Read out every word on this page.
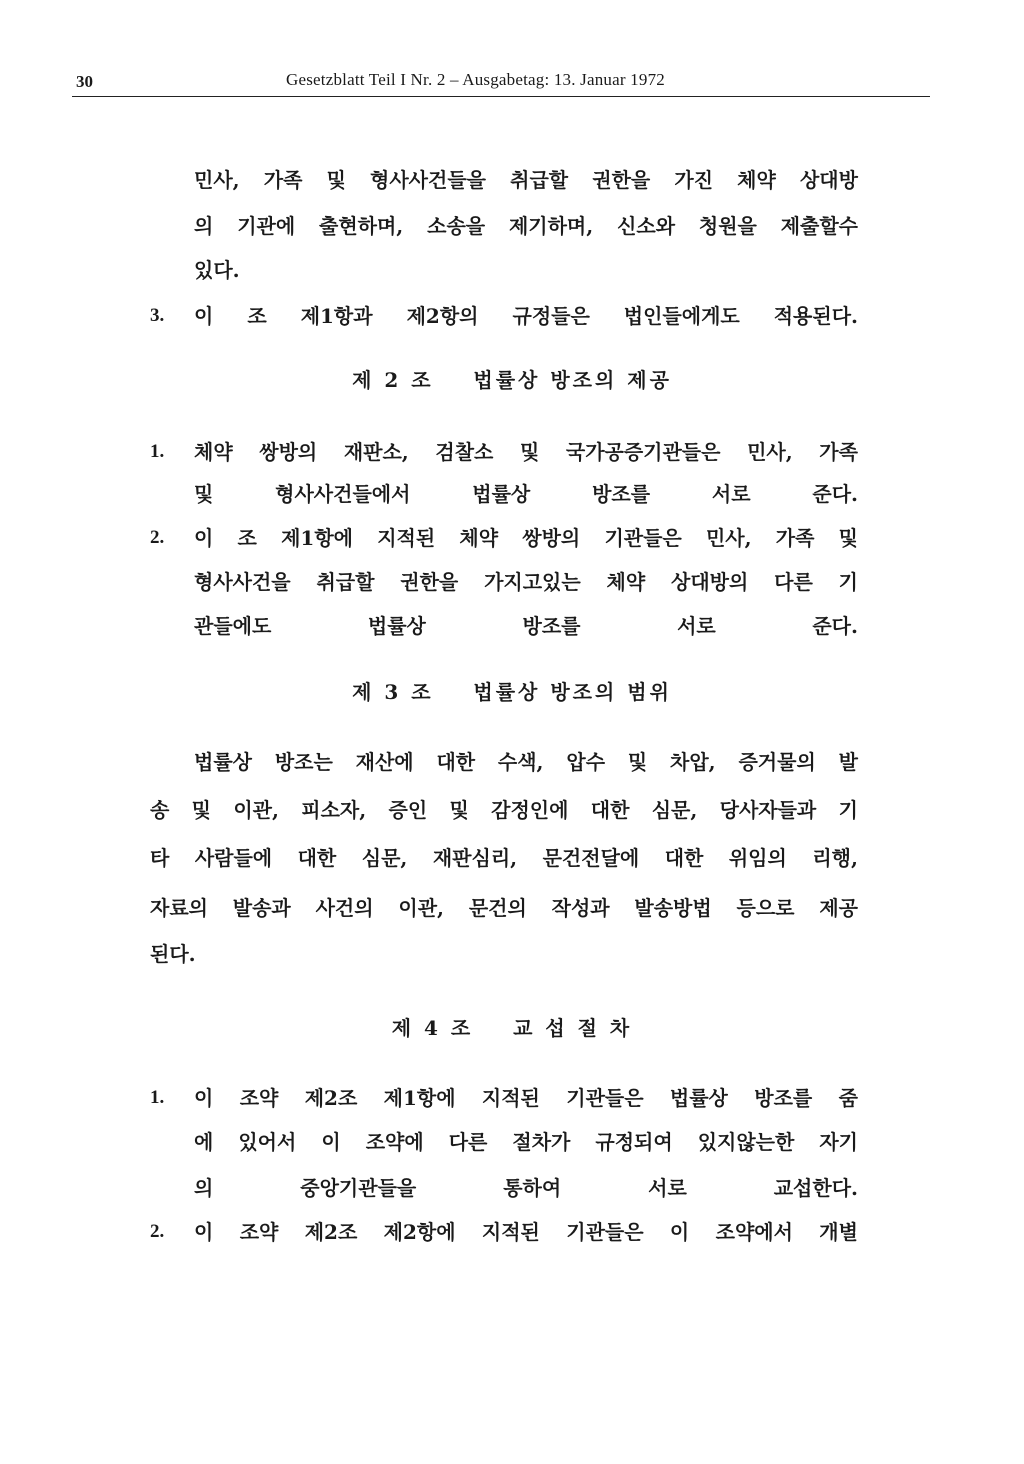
30	Gesetzblatt Teil I Nr. 2 – Ausgabetag: 13. Januar 1972
민사, 가족 및 형사사건들을 취급할 권한을 가진 체약 상대방
의 기관에 출현하며, 소송을 제기하며, 신소와 청원을 제출할수
있다.
3.	이 조 제1항과 제2항의 규정들은 법인들에게도 적용된다.
제 2 조    법률상 방조의 제공
1.	체약 쌍방의 재판소, 검찰소 및 국가공증기관들은 민사, 가족
및	형사사건들에서	법률상	방조를	서로	준다.
2.	이 조 제1항에 지적된 체약 쌍방의 기관들은 민사, 가족 및
형사사건을 취급할 권한을 가지고있는 체약 상대방의 다른 기
관들에도	법률상	방조를	서로	준다.
제 3 조    법률상 방조의 범위
법률상 방조는 재산에 대한 수색, 압수 및 차압, 증거물의 발
송 및 이관, 피소자, 증인 및 감정인에 대한 심문, 당사자들과 기
타 사람들에 대한 심문, 재판심리, 문건전달에 대한 위임의 리행,
자료의 발송과 사건의 이관, 문건의 작성과 발송방법 등으로 제공
된다.
제 4 조    교 섭 절 차
1.	이 조약 제2조 제1항에 지적된 기관들은 법률상 방조를 줌
에 있어서 이 조약에 다른 절차가 규정되여 있지않는한 자기
의	중앙기관들을	통하여	서로	교섭한다.
2.	이 조약 제2조 제2항에 지적된 기관들은 이 조약에서 개별
